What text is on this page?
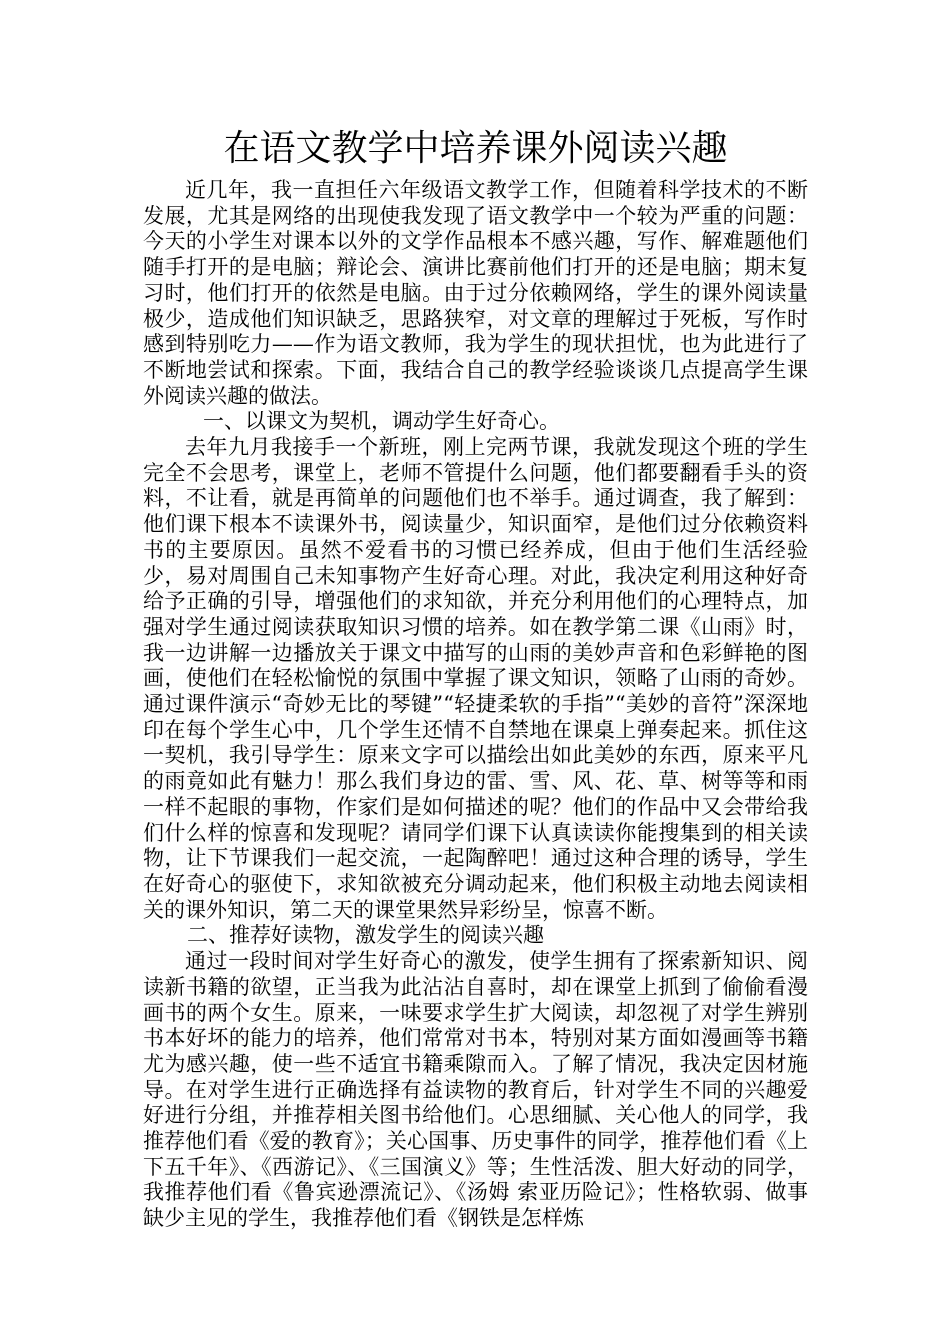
在语文教学中培养课外阅读兴趣

近几年，我一直担任六年级语文教学工作，但随着科学技术的不断发展，尤其是网络的出现使我发现了语文教学中一个较为严重的问题：今天的小学生对课本以外的文学作品根本不感兴趣，写作、解难题他们随手打开的是电脑；辩论会、演讲比赛前他们打开的还是电脑；期末复习时，他们打开的依然是电脑。由于过分依赖网络，学生的课外阅读量极少，造成他们知识缺乏，思路狭窄，对文章的理解过于死板，写作时感到特别吃力——作为语文教师，我为学生的现状担忧，也为此进行了不断地尝试和探索。下面，我结合自己的教学经验谈谈几点提高学生课外阅读兴趣的做法。

一、以课文为契机，调动学生好奇心。

去年九月我接手一个新班，刚上完两节课，我就发现这个班的学生完全不会思考，课堂上，老师不管提什么问题，他们都要翻看手头的资料，不让看，就是再简单的问题他们也不举手。通过调查，我了解到：他们课下根本不读课外书，阅读量少，知识面窄，是他们过分依赖资料书的主要原因。虽然不爱看书的习惯已经养成，但由于他们生活经验少，易对周围自己未知事物产生好奇心理。对此，我决定利用这种好奇给予正确的引导，增强他们的求知欲，并充分利用他们的心理特点，加强对学生通过阅读获取知识习惯的培养。如在教学第二课《山雨》时，我一边讲解一边播放关于课文中描写的山雨的美妙声音和色彩鲜艳的图画，使他们在轻松愉悦的氛围中掌握了课文知识，领略了山雨的奇妙。通过课件演示“奇妙无比的琴键”“轻捷柔软的手指”“美妙的音符”深深地印在每个学生心中，几个学生还情不自禁地在课桌上弹奏起来。抓住这一契机，我引导学生：原来文字可以描绘出如此美妙的东西，原来平凡的雨竟如此有魅力！那么我们身边的雷、雪、风、花、草、树等等和雨一样不起眼的事物，作家们是如何描述的呢？他们的作品中又会带给我们什么样的惊喜和发现呢？请同学们课下认真读读你能搜集到的相关读物，让下节课我们一起交流，一起陶醉吧！通过这种合理的诱导，学生在好奇心的驱使下，求知欲被充分调动起来，他们积极主动地去阅读相关的课外知识，第二天的课堂果然异彩纷呈，惊喜不断。

二、推荐好读物，激发学生的阅读兴趣

通过一段时间对学生好奇心的激发，使学生拥有了探索新知识、阅读新书籍的欲望，正当我为此沾沾自喜时，却在课堂上抓到了偷偷看漫画书的两个女生。原来，一味要求学生扩大阅读，却忽视了对学生辨别书本好坏的能力的培养，他们常常对书本，特别对某方面如漫画等书籍尤为感兴趣，使一些不适宜书籍乘隙而入。了解了情况，我决定因材施导。在对学生进行正确选择有益读物的教育后，针对学生不同的兴趣爱好进行分组，并推荐相关图书给他们。心思细腻、关心他人的同学，我推荐他们看《爱的教育》；关心国事、历史事件的同学，推荐他们看《上下五千年》、《西游记》、《三国演义》等；生性活泼、胆大好动的同学，我推荐他们看《鲁宾逊漂流记》、《汤姆 索亚历险记》；性格软弱、做事缺少主见的学生，我推荐他们看《钢铁是怎样炼
